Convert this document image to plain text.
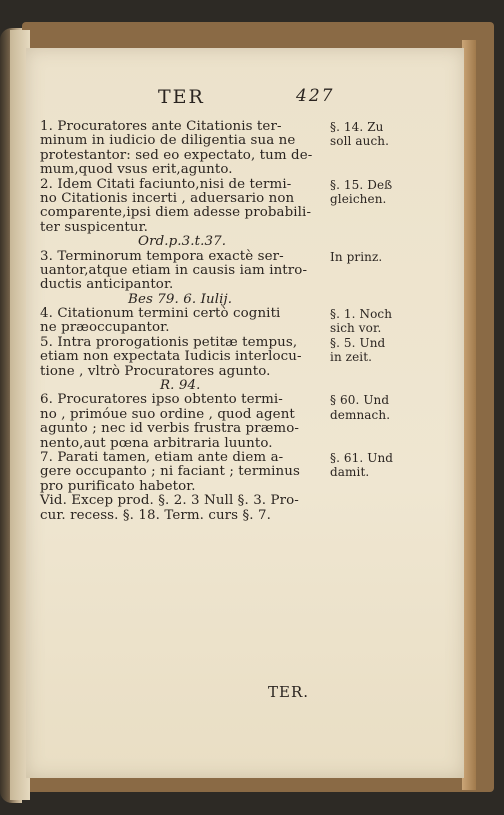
TER	427
1. Procuratores ante Citationis ter-	§. 14. Zu
minum in iudicio de diligentia sua ne	soll auch.
protestantor: sed eo expectato, tum de-
mum,quod vsus erit,agunto.
2. Idem Citati faciunto,nisi de termi-	§. 15. Deß
no Citationis incerti , aduersario non	gleichen.
comparente,ipsi diem adesse probabili-
ter suspicentur.
Ord.p.3.t.37.
3. Terminorum tempora exactè ser-	In prinz.
uantor,atque etiam in causis iam intro-
ductis anticipantor.
Bes 79. 6. Iulij.
4. Citationum termini certò cogniti	§. 1. Noch
ne præoccupantor.	sich vor.
5. Intra prorogationis petitæ tempus,	§. 5. Und
etiam non expectata Iudicis interlocu- in zeit.
tione , vltrò Procuratores agunto.
R. 94.
6. Procuratores ipso obtento termi-	§ 60. Und
no , primóue suo ordine , quod agent	demnach.
agunto ; nec id verbis frustra præmo-
nento,aut pœna arbitraria luunto.
7. Parati tamen, etiam ante diem a-	§. 61. Und
gere occupanto ; ni faciant ; terminus	damit.
pro purificato habetor.
Vid. Excep prod. §. 2. 3 Null §. 3. Pro-
cur. recess. §. 18. Term. curs §. 7.
TER.
